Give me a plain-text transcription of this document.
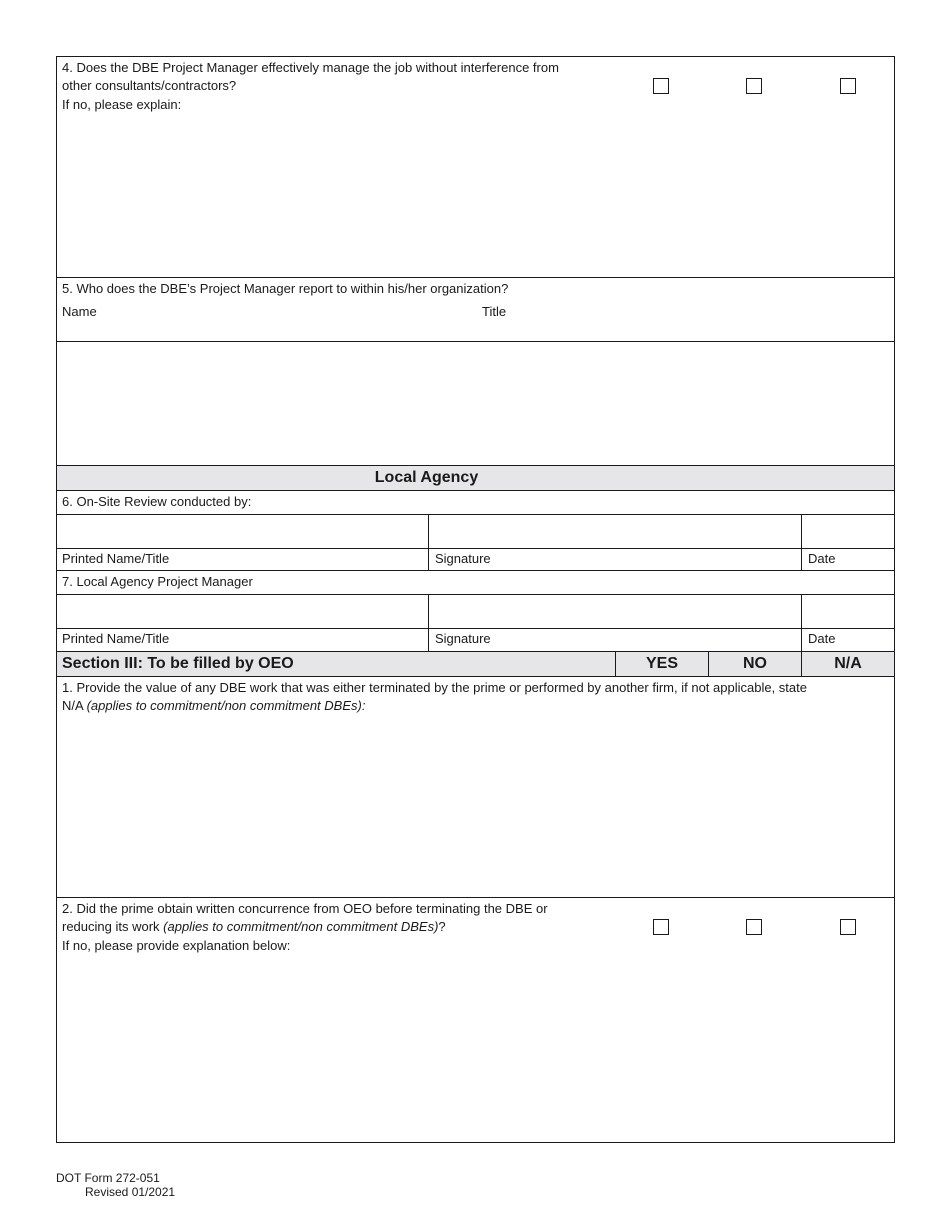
4. Does the DBE Project Manager effectively manage the job without interference from
other consultants/contractors?
If no, please explain:
5. Who does the DBE’s Project Manager report to within his/her organization?
Name	Title
Local Agency
6. On-Site Review conducted by:
Printed Name/Title	Signature	Date
7. Local Agency Project Manager
Printed Name/Title	Signature	Date
Section III: To be filled by OEO	YES	NO	N/A
1. Provide the value of any DBE work that was either terminated by the prime or performed by another firm, if not applicable, state
N/A (applies to commitment/non commitment DBEs):
2. Did the prime obtain written concurrence from OEO before terminating the DBE or
reducing its work (applies to commitment/non commitment DBEs)?
If no, please provide explanation below:
DOT Form 272-051
Revised 01/2021
